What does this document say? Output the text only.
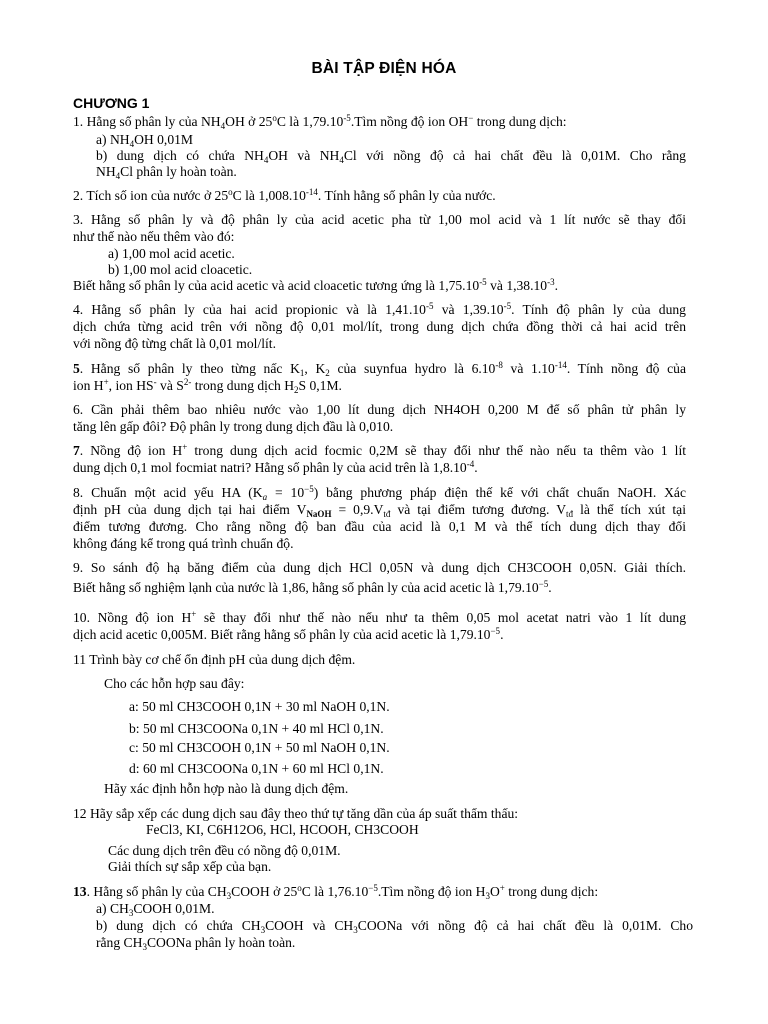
BÀI TẬP ĐIỆN HÓA
CHƯƠNG 1
1. Hằng số phân ly của $NH_4OH$ ở 25$^o$C là $1,79.10^{-5}.Tìm$ nồng độ ion OH− trong dung dịch:
a) $NH_4OH$ 0,01M
b) dung dịch có chứa $NH_4OH$ và $NH_4Cl$ với nồng độ cả hai chất đều là 0,01M. Cho rằng
$NH_4Cl$ phân ly hoàn toàn.
2. Tích số ion của nước ở 25$^o$C là $1,008.10^{-14}$. Tính hằng số phân ly của nước.
3. Hằng số phân ly và độ phân ly của acid acetic pha từ 1,00 mol acid và 1 lít nước sẽ thay đổi
như thế nào nếu thêm vào đó:
a) 1,00 mol acid acetic.
b) 1,00 mol acid cloacetic.
Biết hằng số phân ly của acid acetic và acid cloacetic tương ứng là $1,75.10^{-5}$ và $1,38.10^{-3}$.
4. Hằng số phân ly của hai acid propionic và là $1,41.10^{-5}$ và $1,39.10^{-5}$. Tính độ phân ly của dung
dịch chứa từng acid trên với nồng độ 0,01 mol/lít, trong dung dịch chứa đồng thời cả hai acid trên
với nồng độ từng chất là 0,01 mol/lít.
5. Hằng số phân ly theo từng nấc $K_1$, $K_2$ của suynfua hydro là $6.10^{-8}$ và $1.10^{-14}$. Tính nồng độ của
ion H+, ion HS- và $S^{2-}$ trong dung dịch $H_2S$ 0,1M.
6. Cần phải thêm bao nhiêu nước vào 1,00 lít dung dịch NH4OH 0,200 M để số phân tử phân ly
tăng lên gấp đôi? Độ phân ly trong dung dịch đầu là 0,010.
7. Nồng độ ion H+ trong dung dịch acid focmic 0,2M sẽ thay đổi như thế nào nếu ta thêm vào 1 lít
dung dịch 0,1 mol focmiat natri? Hằng số phân ly của acid trên là $1,8.10^{-4}$.
8. Chuẩn một acid yếu HA $(K_a = 10^{-5})$ bằng phương pháp điện thế kế với chất chuẩn NaOH. Xác
định pH của dung dịch tại hai điểm $V_{NaOH} = 0,9.V_{tđ}$ và tại điểm tương đương. $V_{tđ}$ là thể tích xút tại
điểm tương đương. Cho rằng nồng độ ban đầu của acid là 0,1 M và thể tích dung dịch thay đổi
không đáng kể trong quá trình chuẩn độ.
9. So sánh độ hạ băng điểm của dung dịch HCl 0,05N và dung dịch CH3COOH 0,05N. Giải thích.
Biết hằng số nghiệm lạnh của nước là 1,86, hằng số phân ly của acid acetic là $1,79.10^{-5}$.
10. Nồng độ ion H+ sẽ thay đổi như thế nào nếu như ta thêm 0,05 mol acetat natri vào 1 lít dung
dịch acid acetic 0,005M. Biết rằng hằng số phân ly của acid acetic là $1,79.10^{-5}$.
11 Trình bày cơ chế ổn định pH của dung dịch đệm.
Cho các hỗn hợp sau đây:
a: 50 ml CH3COOH 0,1N + 30 ml NaOH 0,1N.
b: 50 ml CH3COONa 0,1N + 40 ml HCl 0,1N.
c: 50 ml CH3COOH 0,1N + 50 ml NaOH 0,1N.
d: 60 ml CH3COONa 0,1N + 60 ml HCl 0,1N.
Hãy xác định hỗn hợp nào là dung dịch đệm.
12 Hãy sắp xếp các dung dịch sau đây theo thứ tự tăng dần của áp suất thẩm thấu:
FeCl3, KI, C6H12O6, HCl, HCOOH, CH3COOH
Các dung dịch trên đều có nồng độ 0,01M.
Giải thích sự sắp xếp của bạn.
13. Hằng số phân ly của $CH_3COOH$ ở 25$^o$C là $1,76.10^{-5}.Tìm$ nồng độ ion $H_3O^+$ trong dung dịch:
a) $CH_3COOH$ 0,01M.
b) dung dịch có chứa $CH_3COOH$ và $CH_3COONa$ với nồng độ cả hai chất đều là 0,01M. Cho
rằng $CH_3COONa$ phân ly hoàn toàn.
